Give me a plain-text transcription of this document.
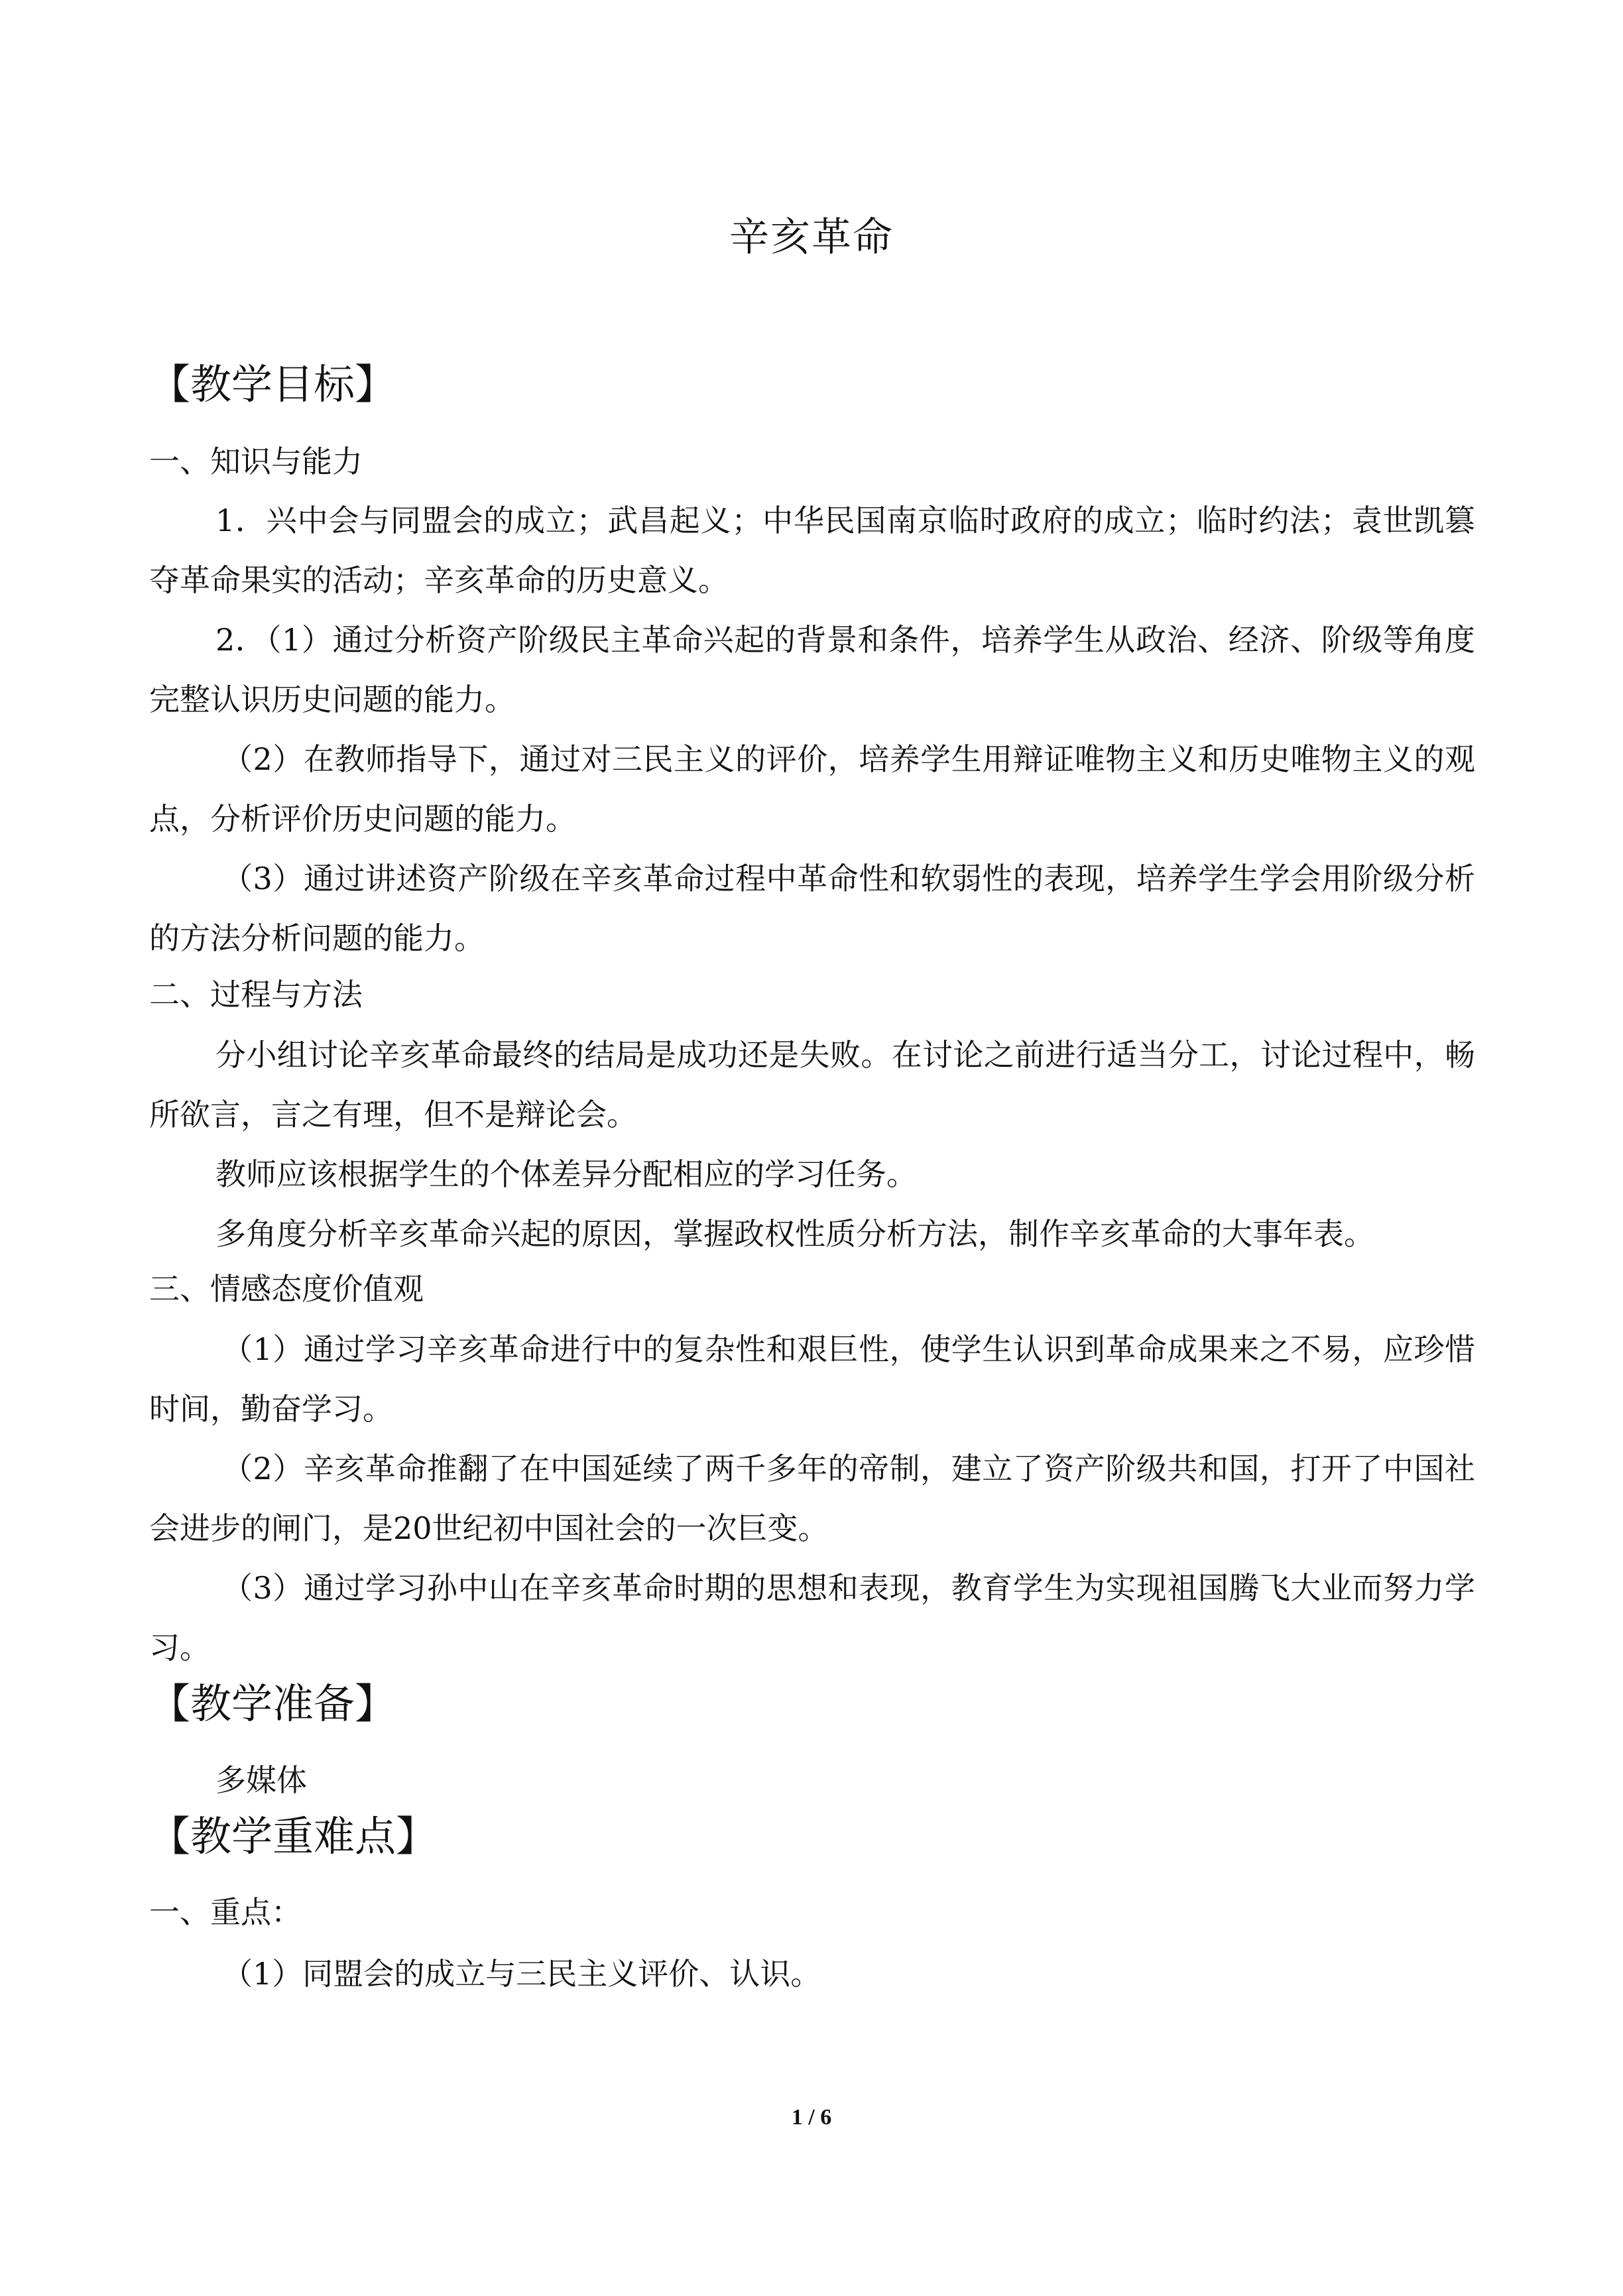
辛亥革命
【教学目标】

一、知识与能力

1．兴中会与同盟会的成立；武昌起义；中华民国南京临时政府的成立；临时约法；袁世凯篡夺革命果实的活动；辛亥革命的历史意义。

2．（1）通过分析资产阶级民主革命兴起的背景和条件，培养学生从政治、经济、阶级等角度完整认识历史问题的能力。

（2）在教师指导下，通过对三民主义的评价，培养学生用辩证唯物主义和历史唯物主义的观点，分析评价历史问题的能力。

（3）通过讲述资产阶级在辛亥革命过程中革命性和软弱性的表现，培养学生学会用阶级分析的方法分析问题的能力。

二、过程与方法

分小组讨论辛亥革命最终的结局是成功还是失败。在讨论之前进行适当分工，讨论过程中，畅所欲言，言之有理，但不是辩论会。

教师应该根据学生的个体差异分配相应的学习任务。

多角度分析辛亥革命兴起的原因，掌握政权性质分析方法，制作辛亥革命的大事年表。

三、情感态度价值观

（1）通过学习辛亥革命进行中的复杂性和艰巨性，使学生认识到革命成果来之不易，应珍惜时间，勤奋学习。

（2）辛亥革命推翻了在中国延续了两千多年的帝制，建立了资产阶级共和国，打开了中国社会进步的闸门，是20世纪初中国社会的一次巨变。

（3）通过学习孙中山在辛亥革命时期的思想和表现，教育学生为实现祖国腾飞大业而努力学习。

【教学准备】

多媒体

【教学重难点】

一、重点：

（1）同盟会的成立与三民主义评价、认识。

1 / 6
